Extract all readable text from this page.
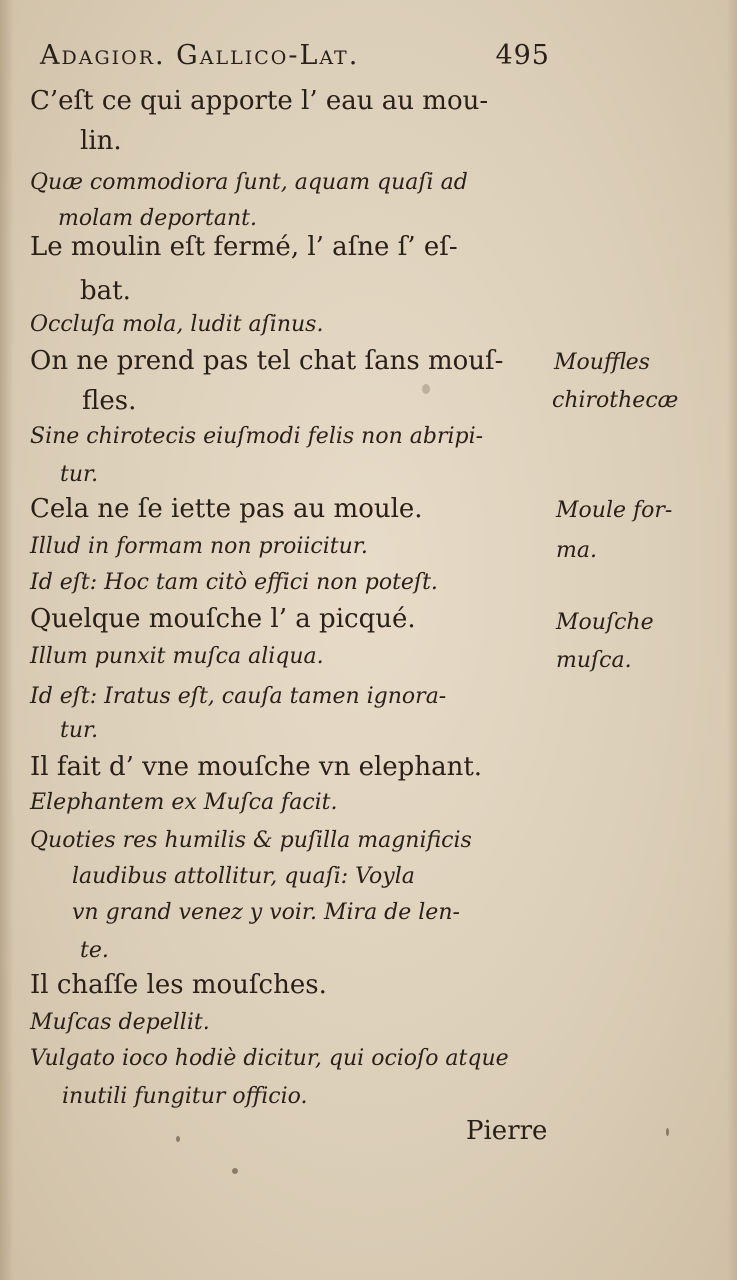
Adagior. Gallico-Lat.	495
C’eſt ce qui apporte l’ eau au mou-
lin.
Quæ commodiora ſunt, aquam quaſi ad
molam deportant.
Le moulin eſt fermé, l’ aſne ſ’ eſ-
bat.
Occluſa mola, ludit aſinus.
On ne prend pas tel chat ſans mouſ-
fles.
Sine chirotecis eiuſmodi felis non abripi-
tur.
Cela ne ſe iette pas au moule.
Illud in formam non proiicitur.
Id eſt: Hoc tam citò effici non poteſt.
Quelque mouſche l’ a picqué.
Illum punxit muſca aliqua.
Id eſt: Iratus eſt, cauſa tamen ignora-
tur.
Il fait d’ vne mouſche vn elephant.
Elephantem ex Muſca facit.
Quoties res humilis & puſilla magnificis
laudibus attollitur, quaſi: Voyla
vn grand venez y voir. Mira de len-
te.
Il chaſſe les mouſches.
Muſcas depellit.
Vulgato ioco hodiè dicitur, qui ocioſo atque
inutili fungitur officio.
Mouffles
chirothecæ
Moule for-
ma.
Mouſche
muſca.
Pierre
